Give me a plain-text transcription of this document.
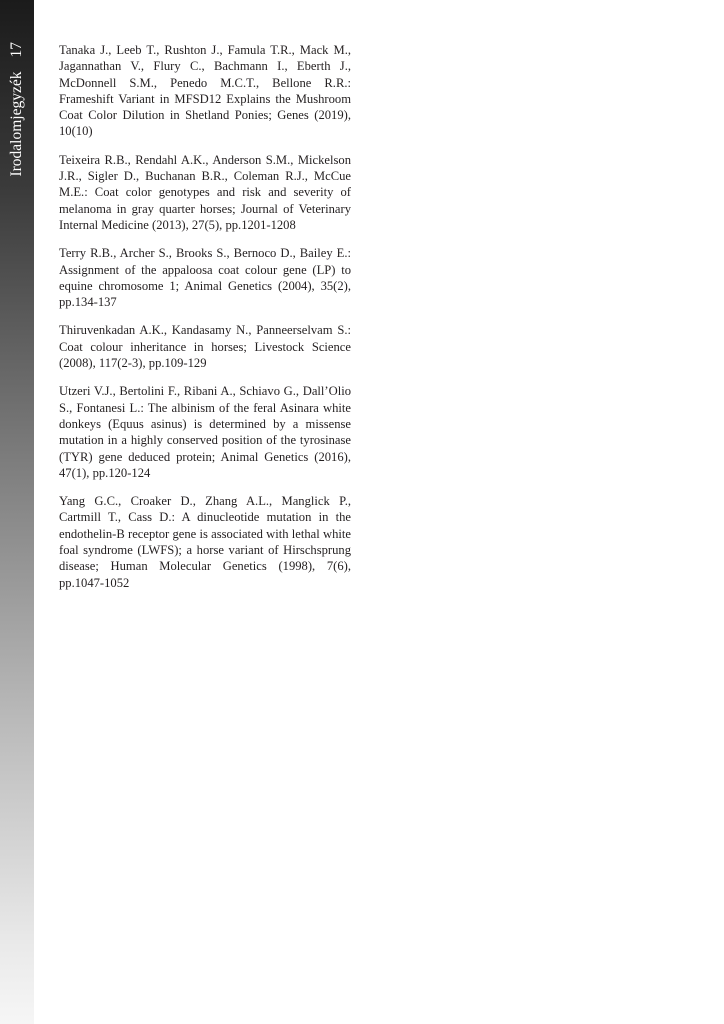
17
Irodalomjegyzék

Tanaka J., Leeb T., Rushton J., Famula T.R., Mack M., Jagannathan V., Flury C., Bachmann I., Eberth J., McDonnell S.M., Penedo M.C.T., Bellone R.R.: Frameshift Variant in MFSD12 Explains the Mushroom Coat Color Dilution in Shetland Ponies; Genes (2019), 10(10)

Teixeira R.B., Rendahl A.K., Anderson S.M., Mickelson J.R., Sigler D., Buchanan B.R., Coleman R.J., McCue M.E.: Coat color genotypes and risk and severity of melanoma in gray quarter horses; Journal of Veterinary Internal Medicine (2013), 27(5), pp.1201-1208

Terry R.B., Archer S., Brooks S., Bernoco D., Bailey E.: Assignment of the appaloosa coat colour gene (LP) to equine chromosome 1; Animal Genetics (2004), 35(2), pp.134-137

Thiruvenkadan A.K., Kandasamy N., Panneerselvam S.: Coat colour inheritance in horses; Livestock Science (2008), 117(2-3), pp.109-129

Utzeri V.J., Bertolini F., Ribani A., Schiavo G., Dall’Olio S., Fontanesi L.: The albinism of the feral Asinara white donkeys (Equus asinus) is determined by a missense mutation in a highly conserved position of the tyrosinase (TYR) gene deduced protein; Animal Genetics (2016), 47(1), pp.120-124

Yang G.C., Croaker D., Zhang A.L., Manglick P., Cartmill T., Cass D.: A dinucleotide mutation in the endothelin-B receptor gene is associated with lethal white foal syndrome (LWFS); a horse variant of Hirschsprung disease; Human Molecular Genetics (1998), 7(6), pp.1047-1052
